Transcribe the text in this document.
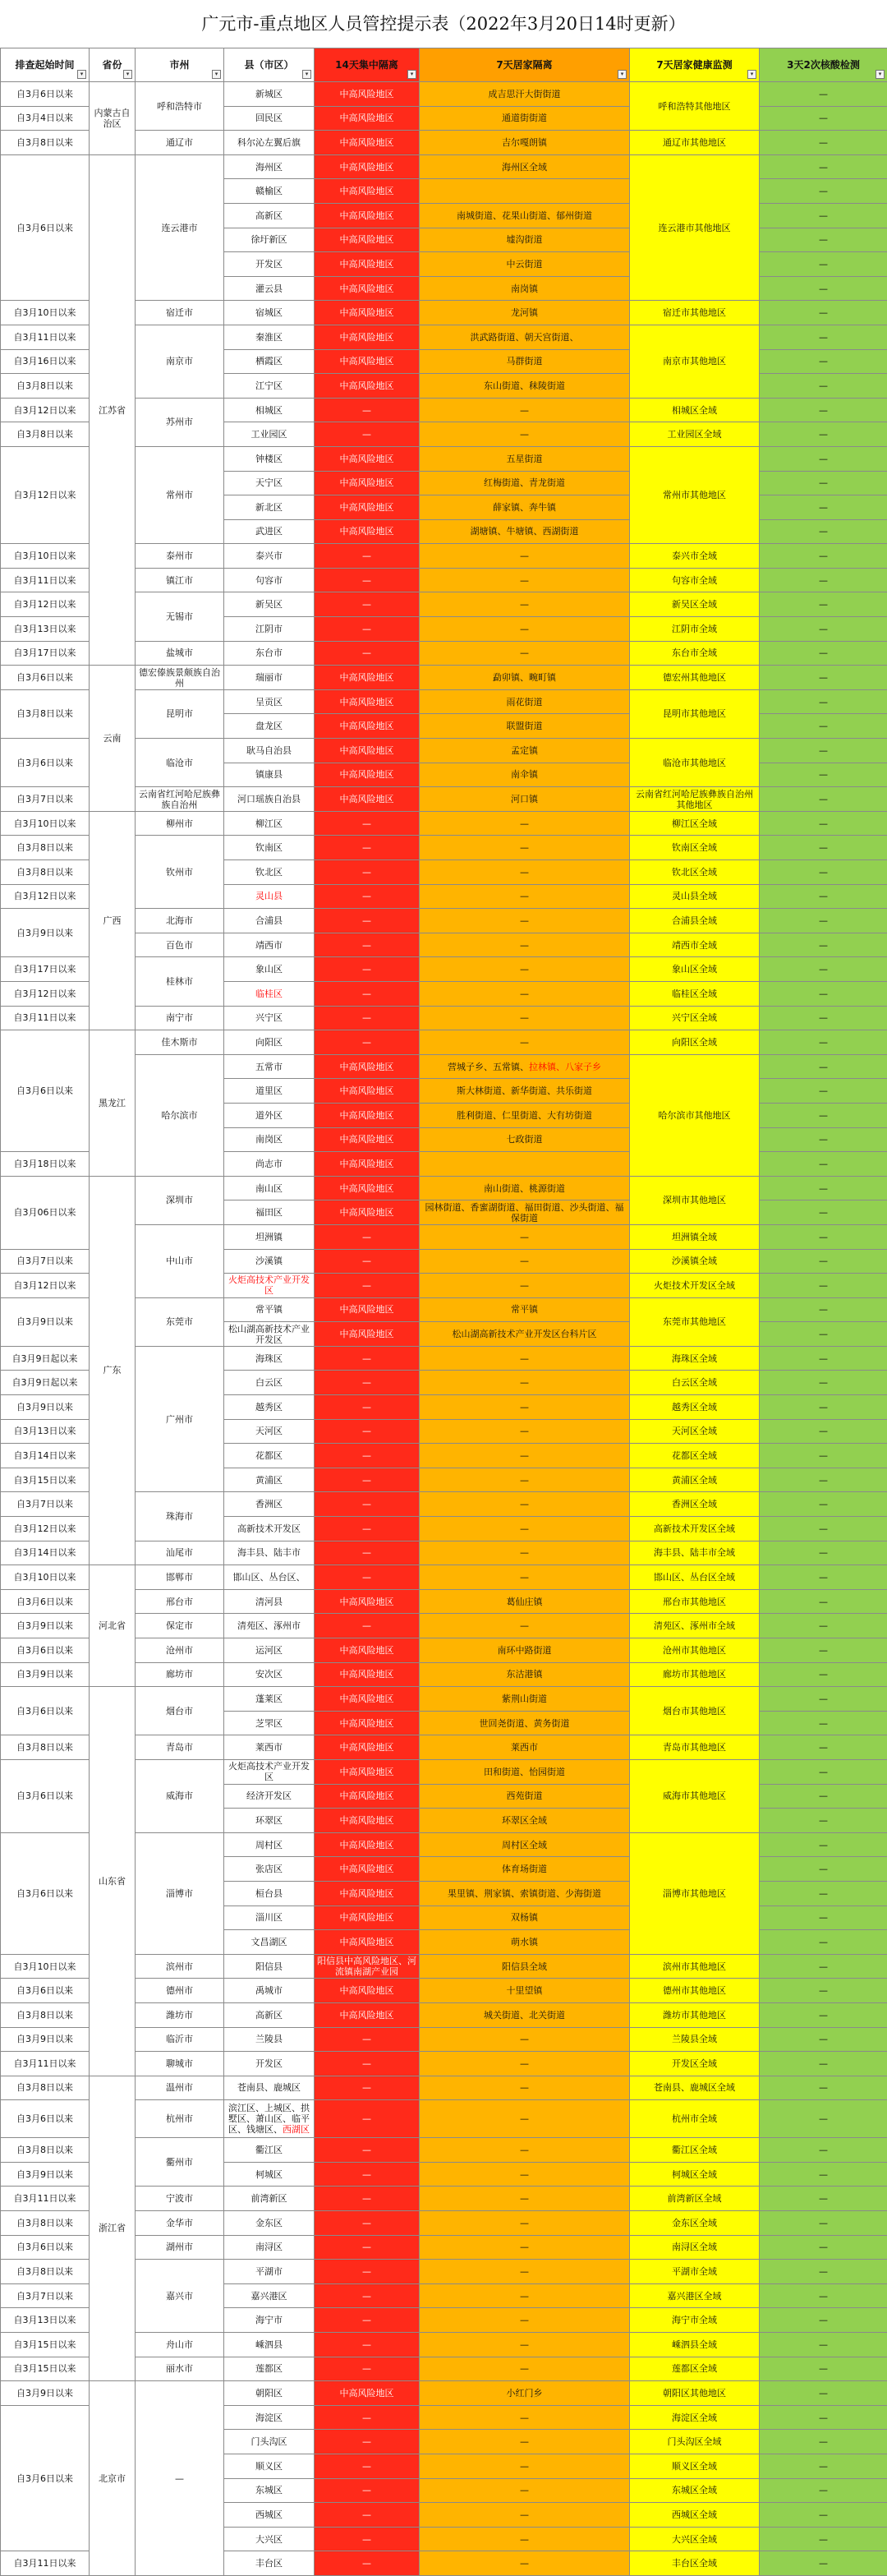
广元市-重点地区人员管控提示表（2022年3月20日14时更新）
排查起始时间
▾	省份
▾	市州
▾	县（市区）
▾	14天集中隔离
▾	7天居家隔离
▾	7天居家健康监测
▾	3天2次核酸检测
▾

自3月6日以来	内蒙古自治区	呼和浩特市	新城区	中高风险地区	成吉思汗大街街道	呼和浩特其他地区	—
自3月4日以来			回民区	中高风险地区	通道街街道		—
自3月8日以来		通辽市	科尔沁左翼后旗	中高风险地区	吉尔嘎朗镇	通辽市其他地区	—
自3月6日以来	江苏省	连云港市	海州区	中高风险地区	海州区全域	连云港市其他地区	—
			赣榆区	中高风险地区			—
			高新区	中高风险地区	南城街道、花果山街道、郁州街道		—
			徐圩新区	中高风险地区	墟沟街道		—
			开发区	中高风险地区	中云街道		—
			灌云县	中高风险地区	南岗镇		—
自3月10日以来		宿迁市	宿城区	中高风险地区	龙河镇	宿迁市其他地区	—
自3月11日以来		南京市	秦淮区	中高风险地区	洪武路街道、朝天宫街道、	南京市其他地区	—
自3月16日以来			栖霞区	中高风险地区	马群街道		—
自3月8日以来			江宁区	中高风险地区	东山街道、秣陵街道		—
自3月12日以来		苏州市	相城区	—	—	相城区全域	—
自3月8日以来			工业园区	—	—	工业园区全域	—
自3月12日以来		常州市	钟楼区	中高风险地区	五星街道	常州市其他地区	—
			天宁区	中高风险地区	红梅街道、青龙街道		—
			新北区	中高风险地区	薛家镇、奔牛镇		—
			武进区	中高风险地区	湖塘镇、牛塘镇、西湖街道		—
自3月10日以来		泰州市	泰兴市	—	—	泰兴市全域	—
自3月11日以来		镇江市	句容市	—	—	句容市全域	—
自3月12日以来		无锡市	新吴区	—	—	新吴区全域	—
自3月13日以来			江阴市	—	—	江阴市全域	—
自3月17日以来		盐城市	东台市	—	—	东台市全域	—
自3月6日以来	云南	德宏傣族景颇族自治州	瑞丽市	中高风险地区	勐卯镇、畹町镇	德宏州其他地区	—
自3月8日以来		昆明市	呈贡区	中高风险地区	雨花街道	昆明市其他地区	—
			盘龙区	中高风险地区	联盟街道		—
自3月6日以来		临沧市	耿马自治县	中高风险地区	孟定镇	临沧市其他地区	—
			镇康县	中高风险地区	南伞镇		—
自3月7日以来		云南省红河哈尼族彝族自治州	河口瑶族自治县	中高风险地区	河口镇	云南省红河哈尼族彝族自治州其他地区	—
自3月10日以来	广西	柳州市	柳江区	—	—	柳江区全域	—
自3月8日以来		钦州市	钦南区	—	—	钦南区全域	—
自3月8日以来			钦北区	—	—	钦北区全域	—
自3月12日以来			灵山县	—	—	灵山县全域	—
自3月9日以来		北海市	合浦县	—	—	合浦县全域	—
		百色市	靖西市	—	—	靖西市全域	—
自3月17日以来		桂林市	象山区	—	—	象山区全域	—
自3月12日以来			临桂区	—	—	临桂区全域	—
自3月11日以来		南宁市	兴宁区	—	—	兴宁区全域	—
自3月6日以来	黑龙江	佳木斯市	向阳区	—	—	向阳区全域	—
		哈尔滨市	五常市	中高风险地区	营城子乡、五常镇、拉林镇、八家子乡	哈尔滨市其他地区	—
			道里区	中高风险地区	斯大林街道、新华街道、共乐街道		—
			道外区	中高风险地区	胜利街道、仁里街道、大有坊街道		—
			南岗区	中高风险地区	七政街道		—
自3月18日以来			尚志市	中高风险地区			—
自3月06日以来	广东	深圳市	南山区	中高风险地区	南山街道、桃源街道	深圳市其他地区	—
			福田区	中高风险地区	园林街道、香蜜湖街道、福田街道、沙头街道、福保街道		—
		中山市	坦洲镇	—	—	坦洲镇全域	—
自3月7日以来			沙溪镇	—	—	沙溪镇全域	—
自3月12日以来			火炬高技术产业开发区	—	—	火炬技术开发区全域	—
自3月9日以来		东莞市	常平镇	中高风险地区	常平镇	东莞市其他地区	—
			松山湖高新技术产业开发区	中高风险地区	松山湖高新技术产业开发区台科片区		—
自3月9日起以来		广州市	海珠区	—	—	海珠区全域	—
自3月9日起以来			白云区	—	—	白云区全域	—
自3月9日以来			越秀区	—	—	越秀区全域	—
自3月13日以来			天河区	—	—	天河区全域	—
自3月14日以来			花都区	—	—	花都区全域	—
自3月15日以来			黄浦区	—	—	黄浦区全域	—
自3月7日以来		珠海市	香洲区	—	—	香洲区全域	—
自3月12日以来			高新技术开发区	—	—	高新技术开发区全域	—
自3月14日以来		汕尾市	海丰县、陆丰市	—	—	海丰县、陆丰市全域	—
自3月10日以来	河北省	邯郸市	邯山区、丛台区、	—	—	邯山区、丛台区全域	—
自3月6日以来		邢台市	清河县	中高风险地区	葛仙庄镇	邢台市其他地区	—
自3月9日以来		保定市	清苑区、涿州市	—	—	清苑区、涿州市全域	—
自3月6日以来		沧州市	运河区	中高风险地区	南环中路街道	沧州市其他地区	—
自3月9日以来		廊坊市	安次区	中高风险地区	东沽港镇	廊坊市其他地区	—
自3月6日以来	山东省	烟台市	蓬莱区	中高风险地区	紫荆山街道	烟台市其他地区	—
			芝罘区	中高风险地区	世回尧街道、黄务街道		—
自3月8日以来		青岛市	莱西市	中高风险地区	莱西市	青岛市其他地区	—
自3月6日以来		威海市	火炬高技术产业开发区	中高风险地区	田和街道、怡园街道	威海市其他地区	—
			经济开发区	中高风险地区	西苑街道		—
			环翠区	中高风险地区	环翠区全域		—
自3月6日以来		淄博市	周村区	中高风险地区	周村区全域	淄博市其他地区	—
			张店区	中高风险地区	体育场街道		—
			桓台县	中高风险地区	果里镇、荆家镇、索镇街道、少海街道		—
			淄川区	中高风险地区	双杨镇		—
			文昌湖区	中高风险地区	萌水镇		—
自3月10日以来		滨州市	阳信县	阳信县中高风险地区、河流镇南湖产业园	阳信县全域	滨州市其他地区	—
自3月6日以来		德州市	禹城市	中高风险地区	十里望镇	德州市其他地区	—
自3月8日以来		潍坊市	高新区	中高风险地区	城关街道、北关街道	潍坊市其他地区	—
自3月9日以来		临沂市	兰陵县	—	—	兰陵县全域	—
自3月11日以来		聊城市	开发区	—	—	开发区全域	—
自3月8日以来	浙江省	温州市	苍南县、鹿城区	—	—	苍南县、鹿城区全域	—
自3月6日以来		杭州市	滨江区、上城区、拱墅区、萧山区、临平区、钱塘区、西湖区	—	—	杭州市全域	—
自3月8日以来		衢州市	衢江区	—	—	衢江区全域	—
自3月9日以来			柯城区	—	—	柯城区全域	—
自3月11日以来		宁波市	前湾新区	—	—	前湾新区全域	—
自3月8日以来		金华市	金东区	—	—	金东区全域	—
自3月6日以来		湖州市	南浔区	—	—	南浔区全域	—
自3月8日以来		嘉兴市	平湖市	—	—	平湖市全域	—
自3月7日以来			嘉兴港区	—	—	嘉兴港区全域	—
自3月13日以来			海宁市	—	—	海宁市全域	—
自3月15日以来		舟山市	嵊泗县	—	—	嵊泗县全域	—
自3月15日以来		丽水市	莲都区	—	—	莲都区全域	—
自3月9日以来	北京市	—	朝阳区	中高风险地区	小红门乡	朝阳区其他地区	—
自3月6日以来			海淀区	—	—	海淀区全域	—
			门头沟区	—	—	门头沟区全域	—
			顺义区	—	—	顺义区全域	—
			东城区	—	—	东城区全域	—
			西城区	—	—	西城区全域	—
			大兴区	—	—	大兴区全域	—
自3月11日以来			丰台区	—	—	丰台区全域	—
